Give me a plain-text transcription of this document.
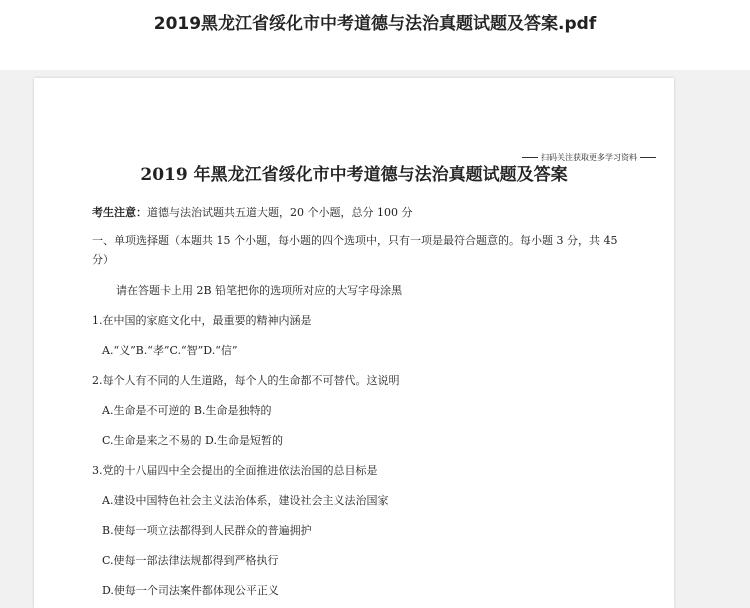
2019黑龙江省绥化市中考道德与法治真题试题及答案.pdf
扫码关注获取更多学习资料
2019 年黑龙江省绥化市中考道德与法治真题试题及答案
考生注意：道德与法治试题共五道大题，20 个小题，总分 100 分
一、单项选择题（本题共 15 个小题，每小题的四个选项中，只有一项是最符合题意的。每小题 3 分，共 45 分）
请在答题卡上用 2B 铅笔把你的选项所对应的大写字母涂黑
1.在中国的家庭文化中，最重要的精神内涵是
A.“义”B.“孝”C.“智”D.“信”
2.每个人有不同的人生道路，每个人的生命都不可替代。这说明
A.生命是不可逆的 B.生命是独特的
C.生命是来之不易的 D.生命是短暂的
3.党的十八届四中全会提出的全面推进依法治国的总目标是
A.建设中国特色社会主义法治体系，建设社会主义法治国家
B.使每一项立法都得到人民群众的普遍拥护
C.使每一部法律法规都得到严格执行
D.使每一个司法案件都体现公平正义
